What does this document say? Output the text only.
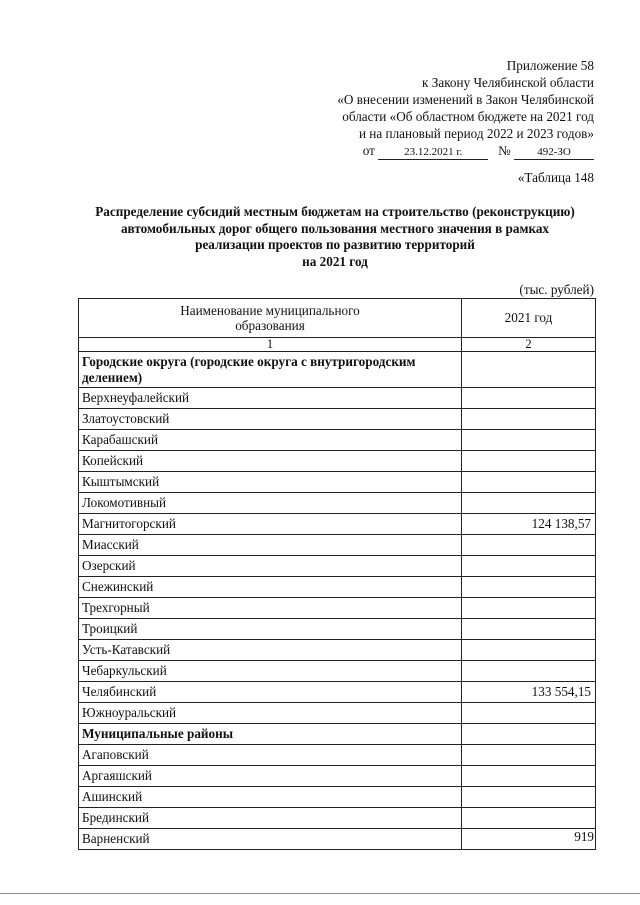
Приложение 58
к Закону Челябинской области
«О внесении изменений в Закон Челябинской
области «Об областном бюджете на 2021 год
и на плановый период 2022 и 2023 годов»
от	23.12.2021 г.	№ 492-ЗО
«Таблица 148
Распределение субсидий местным бюджетам на строительство (реконструкцию)
автомобильных дорог общего пользования местного значения в рамках
реализации проектов по развитию территорий
на 2021 год
(тыс. рублей)
Наименование муниципального образования	2021 год
1	2
Городские округа (городские округа с внутригородским делением)	
Верхнеуфалейский	
Златоустовский	
Карабашский	
Копейский	
Кыштымский	
Локомотивный	
Магнитогорский	124 138,57
Миасский	
Озерский	
Снежинский	
Трехгорный	
Троицкий	
Усть-Катавский	
Чебаркульский	
Челябинский	133 554,15
Южноуральский	
Муниципальные районы	
Агаповский	
Аргаяшский	
Ашинский	
Брединский	
Варненский		919
